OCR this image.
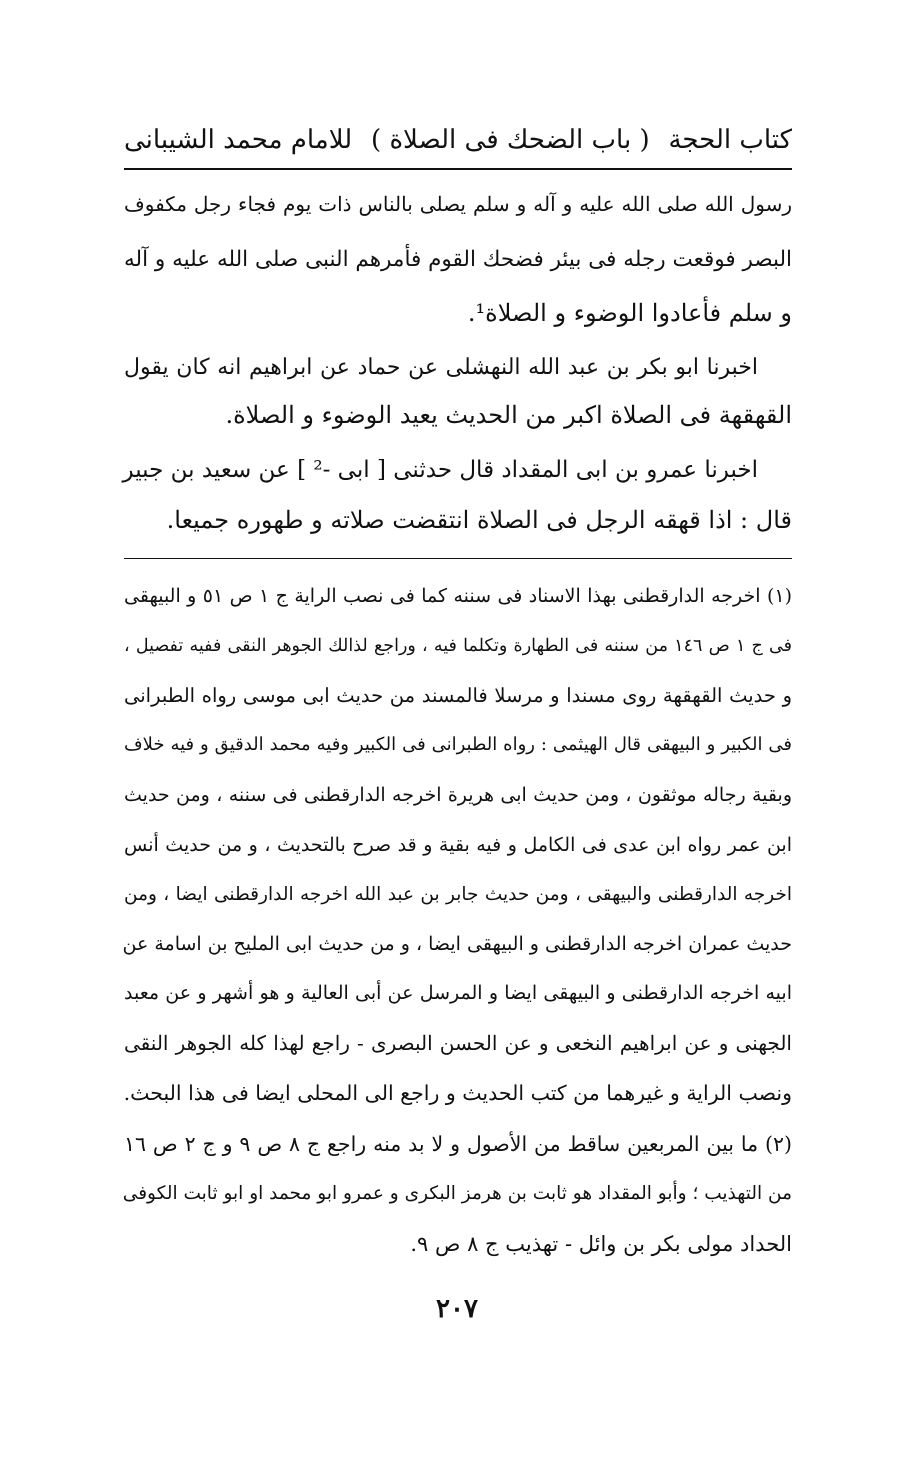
كتاب الحجة
( باب الضحك فى الصلاة )
للامام محمد الشيبانى
رسول الله صلى الله عليه و آله و سلم يصلى بالناس ذات يوم فجاء رجل مكفوف
البصر فوقعت رجله فى بيئر فضحك القوم فأمرهم النبى صلى الله عليه و آله
و سلم فأعادوا الوضوء و الصلاة¹.
اخبرنا ابو بكر بن عبد الله النهشلى عن حماد عن ابراهيم انه كان يقول
القهقهة فى الصلاة اكبر من الحديث يعيد الوضوء و الصلاة.
اخبرنا عمرو بن ابى المقداد قال حدثنى [ ابى -² ] عن سعيد بن جبير
قال : اذا قهقه الرجل فى الصلاة انتقضت صلاته و طهوره جميعا.
(١) اخرجه الدارقطنى بهذا الاسناد فى سننه كما فى نصب الراية ج ١ ص ٥١ و البيهقى
فى ج ١ ص ١٤٦ من سننه فى الطهارة وتكلما فيه ، وراجع لذالك الجوهر النقى ففيه تفصيل ،
و حديث القهقهة روى مسندا و مرسلا فالمسند من حديث ابى موسى رواه الطبرانى
فى الكبير و البيهقى قال الهيثمى : رواه الطبرانى فى الكبير وفيه محمد الدقيق و فيه خلاف
وبقية رجاله موثقون ، ومن حديث ابى هريرة اخرجه الدارقطنى فى سننه ، ومن حديث
ابن عمر رواه ابن عدى فى الكامل و فيه بقية و قد صرح بالتحديث ، و من حديث أنس
اخرجه الدارقطنى والبيهقى ، ومن حديث جابر بن عبد الله اخرجه الدارقطنى ايضا ، ومن
حديث عمران اخرجه الدارقطنى و البيهقى ايضا ، و من حديث ابى المليح بن اسامة عن
ابيه اخرجه الدارقطنى و البيهقى ايضا و المرسل عن أبى العالية و هو أشهر و عن معبد
الجهنى و عن ابراهيم النخعى و عن الحسن البصرى - راجع لهذا كله الجوهر النقى
ونصب الراية و غيرهما من كتب الحديث و راجع الى المحلى ايضا فى هذا البحث.
(٢) ما بين المربعين ساقط من الأصول و لا بد منه راجع ج ٨ ص ٩ و ج ٢ ص ١٦
من التهذيب ؛ وأبو المقداد هو ثابت بن هرمز البكرى و عمرو ابو محمد او ابو ثابت الكوفى
الحداد مولى بكر بن وائل - تهذيب ج ٨ ص ٩.
٢٠٧
